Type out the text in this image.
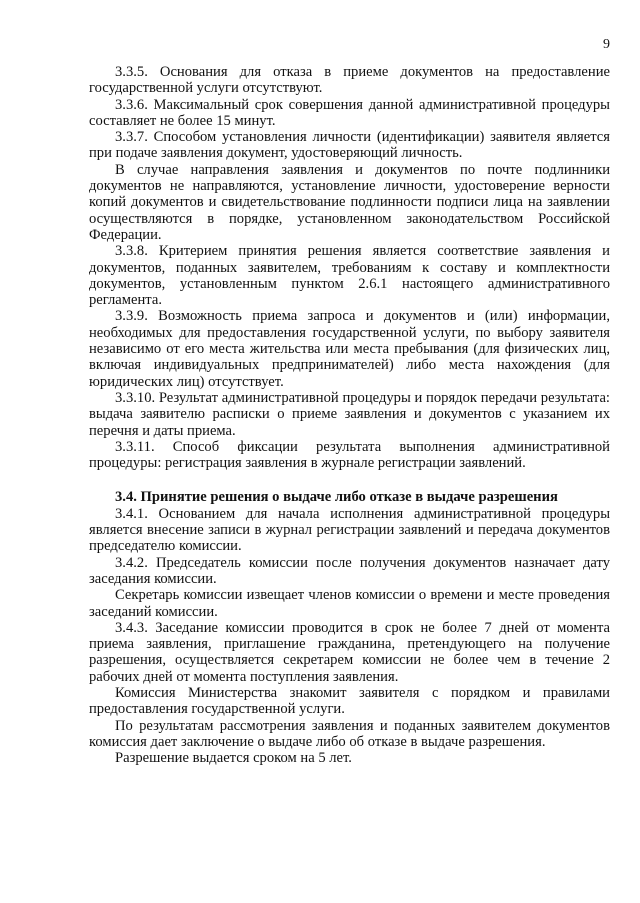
9

3.3.5. Основания для отказа в приеме документов на предоставление государственной услуги отсутствуют.

3.3.6. Максимальный срок совершения данной административной процедуры составляет не более 15 минут.

3.3.7. Способом установления личности (идентификации) заявителя является при подаче заявления документ, удостоверяющий личность.

В случае направления заявления и документов по почте подлинники документов не направляются, установление личности, удостоверение верности копий документов и свидетельствование подлинности подписи лица на заявлении осуществляются в порядке, установленном законодательством Российской Федерации.

3.3.8. Критерием принятия решения является соответствие заявления и документов, поданных заявителем, требованиям к составу и комплектности документов, установленным пунктом 2.6.1 настоящего административного регламента.

3.3.9. Возможность приема запроса и документов и (или) информации, необходимых для предоставления государственной услуги, по выбору заявителя независимо от его места жительства или места пребывания (для физических лиц, включая индивидуальных предпринимателей) либо места нахождения (для юридических лиц) отсутствует.

3.3.10. Результат административной процедуры и порядок передачи результата: выдача заявителю расписки о приеме заявления и документов с указанием их перечня и даты приема.

3.3.11. Способ фиксации результата выполнения административной процедуры: регистрация заявления в журнале регистрации заявлений.

3.4. Принятие решения о выдаче либо отказе в выдаче разрешения

3.4.1. Основанием для начала исполнения административной процедуры является внесение записи в журнал регистрации заявлений и передача документов председателю комиссии.

3.4.2. Председатель комиссии после получения документов назначает дату заседания комиссии.

Секретарь комиссии извещает членов комиссии о времени и месте проведения заседаний комиссии.

3.4.3. Заседание комиссии проводится в срок не более 7 дней от момента приема заявления, приглашение гражданина, претендующего на получение разрешения, осуществляется секретарем комиссии не более чем в течение 2 рабочих дней от момента поступления заявления.

Комиссия Министерства знакомит заявителя с порядком и правилами предоставления государственной услуги.

По результатам рассмотрения заявления и поданных заявителем документов комиссия дает заключение о выдаче либо об отказе в выдаче разрешения.

Разрешение выдается сроком на 5 лет.
